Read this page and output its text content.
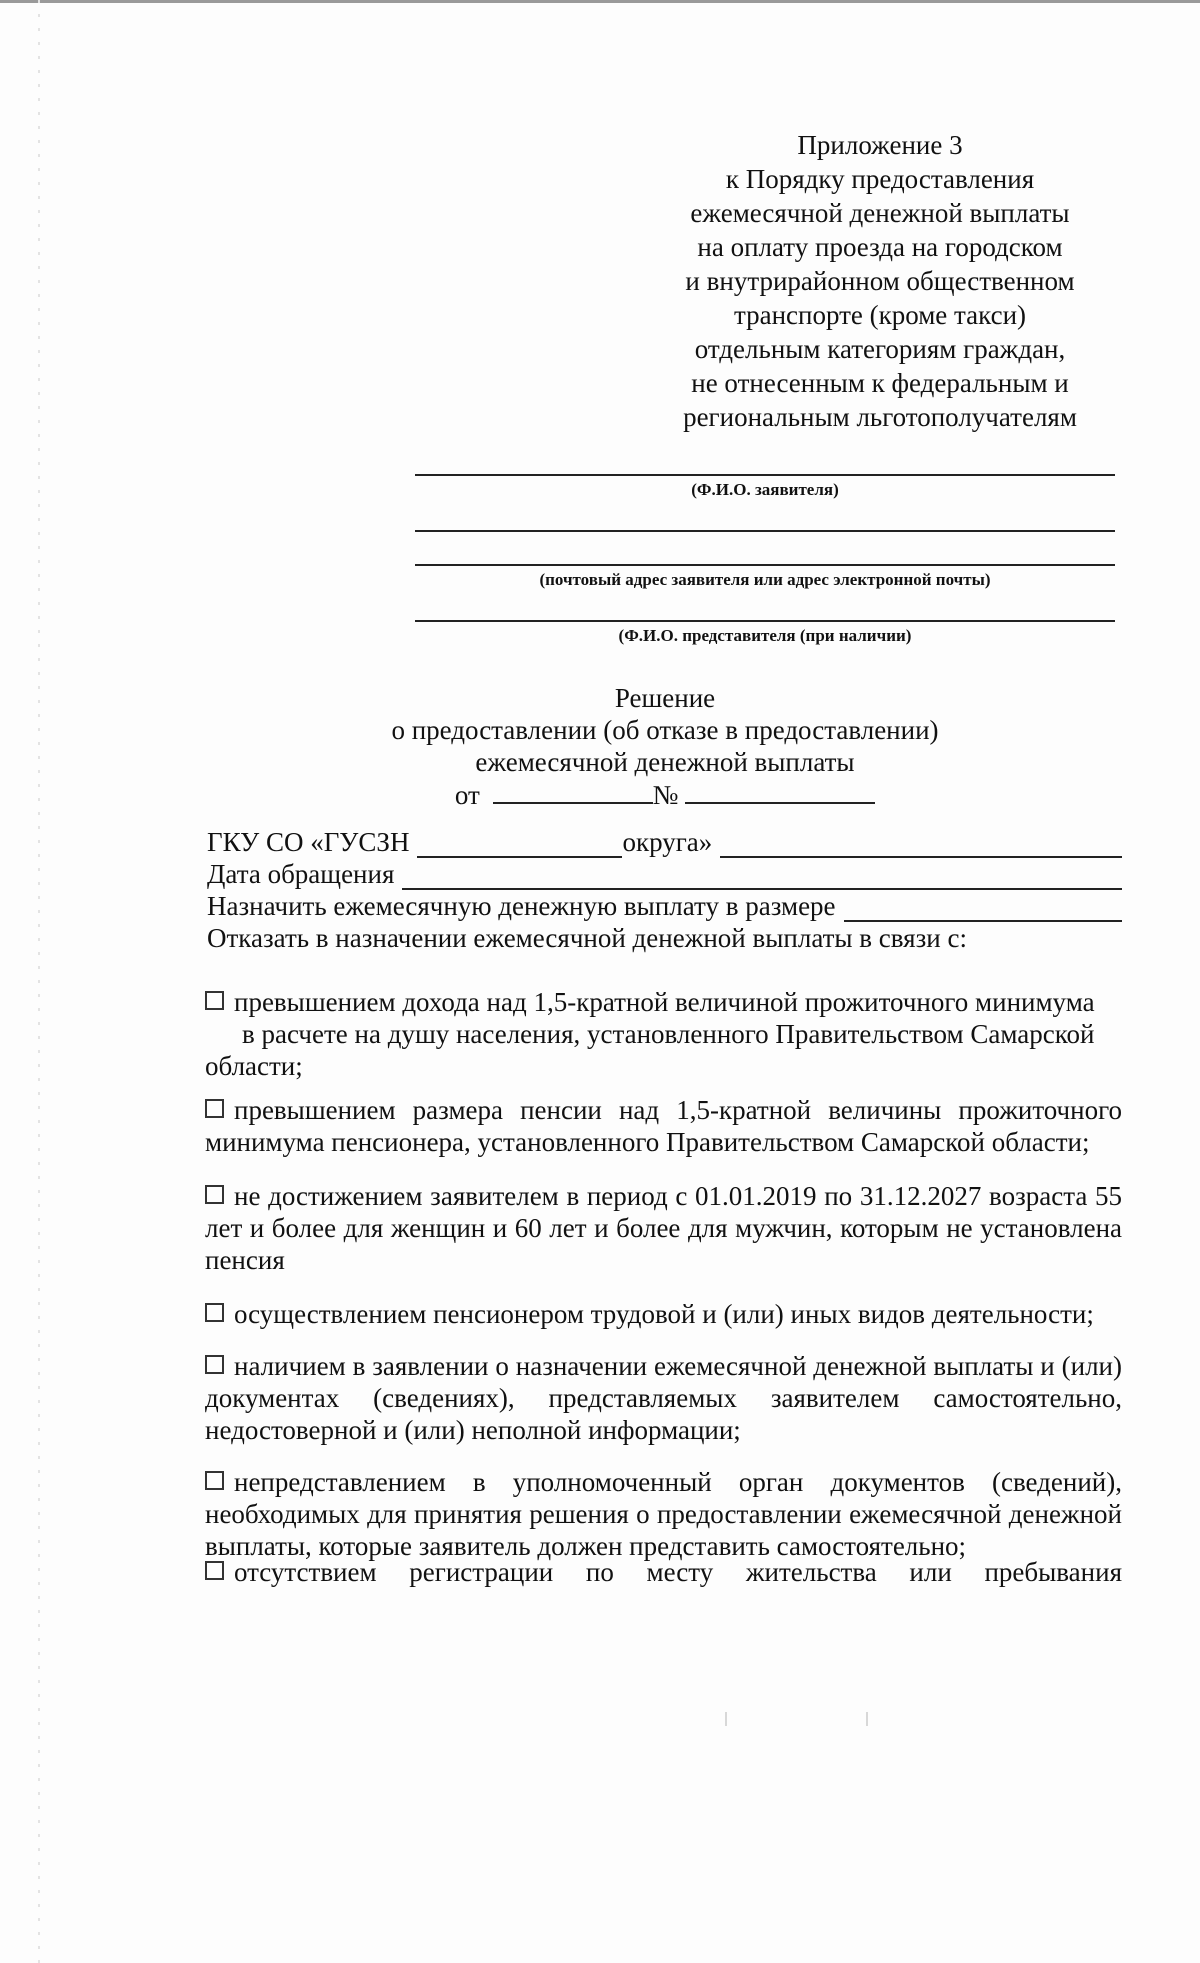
Приложение 3
к Порядку предоставления
ежемесячной денежной выплаты
на оплату проезда на городском
и внутрирайонном общественном
транспорте (кроме такси)
отдельным категориям граждан,
не отнесенным к федеральным и
региональным льготополучателям
(Ф.И.О. заявителя)
(почтовый адрес заявителя или адрес электронной почты)
(Ф.И.О. представителя (при наличии)
Решение
о предоставлении (об отказе в предоставлении)
ежемесячной денежной выплаты
от	№
ГКУ СО «ГУСЗН	округа»
Дата обращения
Назначить ежемесячную денежную выплату в размере
Отказать в назначении ежемесячной денежной выплаты в связи с:
превышением дохода над 1,5-кратной величиной прожиточного минимума
в расчете на душу населения, установленного Правительством Самарской
области;
превышением размера пенсии над 1,5-кратной величины прожиточного минимума пенсионера, установленного Правительством Самарской области;
не достижением заявителем в период с 01.01.2019 по 31.12.2027 возраста 55 лет и более для женщин и 60 лет и более для мужчин, которым не установлена пенсия
осуществлением пенсионером трудовой и (или) иных видов деятельности;
наличием в заявлении о назначении ежемесячной денежной выплаты и (или) документах (сведениях), представляемых заявителем самостоятельно, недостоверной и (или) неполной информации;
непредставлением в уполномоченный орган документов (сведений), необходимых для принятия решения о предоставлении ежемесячной денежной выплаты, которые заявитель должен представить самостоятельно;
отсутствием регистрации по месту жительства или пребывания
